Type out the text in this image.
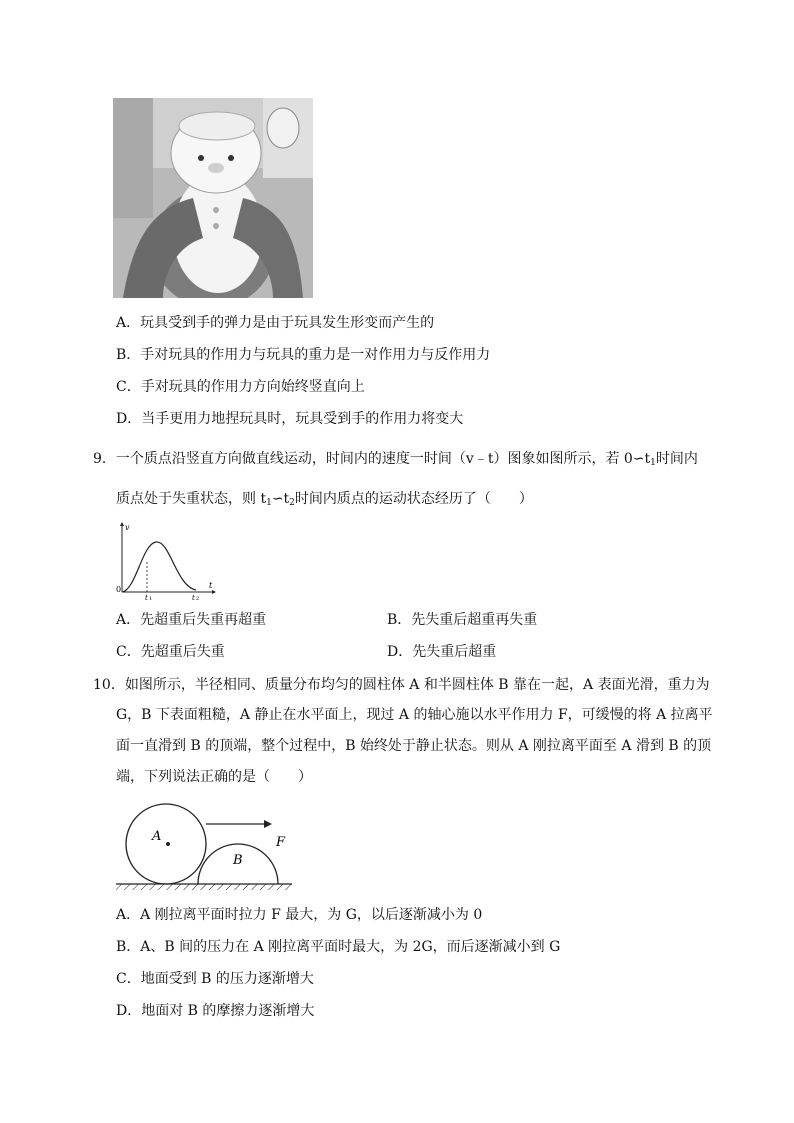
A．玩具受到手的弹力是由于玩具发生形变而产生的
B．手对玩具的作用力与玩具的重力是一对作用力与反作用力
C．手对玩具的作用力方向始终竖直向上
D．当手更用力地捏玩具时，玩具受到手的作用力将变大
9．一个质点沿竖直方向做直线运动，时间内的速度一时间（v﹣t）图象如图所示，若 $0∽t_1$时间内
质点处于失重状态，则 $t_1∽t_2$时间内质点的运动状态经历了（　　）
v
0	t
t 1	t 2
A．先超重后失重再超重	B．先失重后超重再失重
C．先超重后失重	D．先失重后超重
10．如图所示，半径相同、质量分布均匀的圆柱体 A 和半圆柱体 B 靠在一起，A 表面光滑，重力为
G，B 下表面粗糙，A 静止在水平面上，现过 A 的轴心施以水平作用力 F，可缓慢的将 A 拉离平
面一直滑到 B 的顶端，整个过程中，B 始终处于静止状态。则从 A 刚拉离平面至 A 滑到 B 的顶
端，下列说法正确的是（　　）
A
B
F
A．A 刚拉离平面时拉力 F 最大，为 G，以后逐渐减小为 0
B．A、B 间的压力在 A 刚拉离平面时最大，为 2G，而后逐渐减小到 G
C．地面受到 B 的压力逐渐增大
D．地面对 B 的摩擦力逐渐增大
